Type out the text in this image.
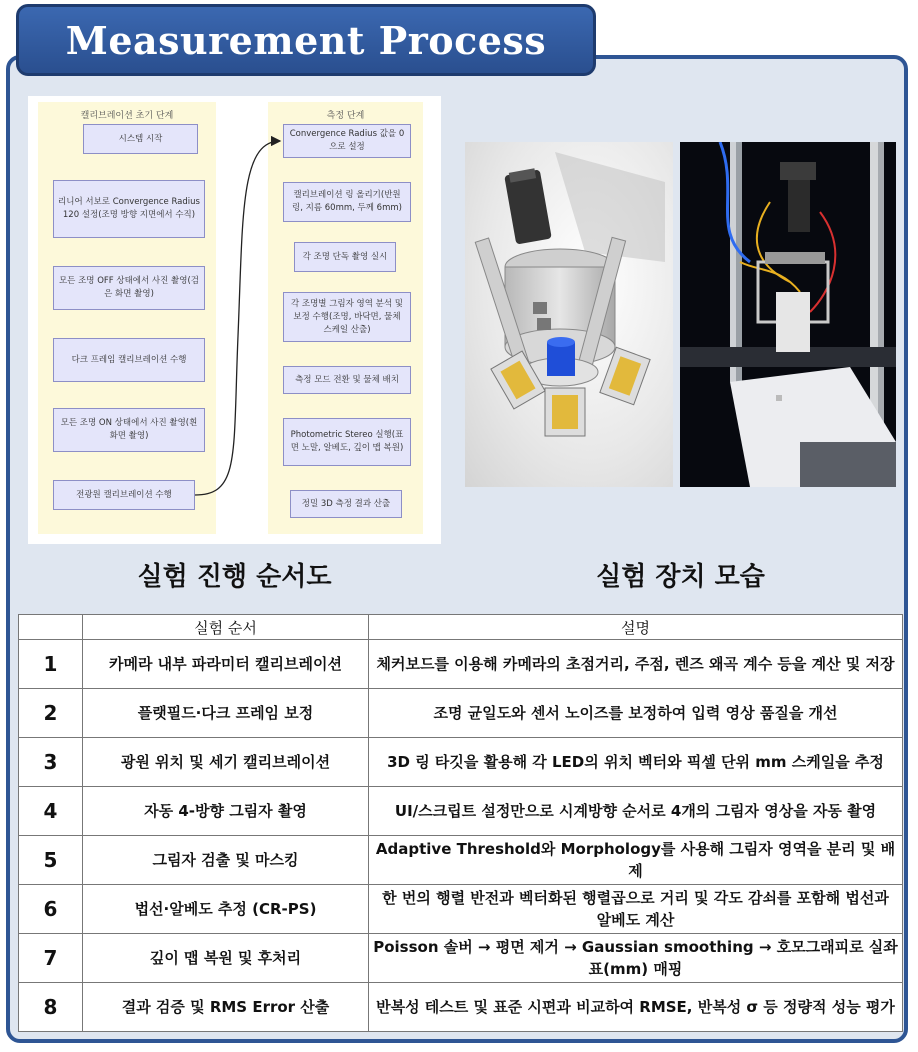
Measurement Process
캘리브레이션 초기 단계	측정 단계
시스템 시작
리니어 서보로 Convergence Radius 120 설정(조명 방향 지면에서 수직)
모든 조명 OFF 상태에서 사진 촬영(검은 화면 촬영)
다크 프레임 캘리브레이션 수행
모든 조명 ON 상태에서 사진 촬영(흰 화면 촬영)
전광원 캘리브레이션 수행
Convergence Radius 값을 0으로 설정
캘리브레이션 링 올리기(반원링, 지름 60mm, 두께 6mm)
각 조명 단독 촬영 실시
각 조명별 그림자 영역 분석 및 보정 수행(조명, 바닥면, 물체 스케일 산출)
측정 모드 전환 및 물체 배치
Photometric Stereo 실행(표면 노말, 알베도, 깊이 맵 복원)
정밀 3D 측정 결과 산출
실험 진행 순서도	실험 장치 모습
	실험 순서	설명
1	카메라 내부 파라미터 캘리브레이션	체커보드를 이용해 카메라의 초점거리, 주점, 렌즈 왜곡 계수 등을 계산 및 저장
2	플랫필드·다크 프레임 보정	조명 균일도와 센서 노이즈를 보정하여 입력 영상 품질을 개선
3	광원 위치 및 세기 캘리브레이션	3D 링 타깃을 활용해 각 LED의 위치 벡터와 픽셀 단위 mm 스케일을 추정
4	자동 4-방향 그림자 촬영	UI/스크립트 설정만으로 시계방향 순서로 4개의 그림자 영상을 자동 촬영
5	그림자 검출 및 마스킹	Adaptive Threshold와 Morphology를 사용해 그림자 영역을 분리 및 배제
6	법선·알베도 추정 (CR-PS)	한 번의 행렬 반전과 벡터화된 행렬곱으로 거리 및 각도 감쇠를 포함해 법선과 알베도 계산
7	깊이 맵 복원 및 후처리	Poisson 솔버 → 평면 제거 → Gaussian smoothing → 호모그래피로 실좌표(mm) 매핑
8	결과 검증 및 RMS Error 산출	반복성 테스트 및 표준 시편과 비교하여 RMSE, 반복성 σ 등 정량적 성능 평가
